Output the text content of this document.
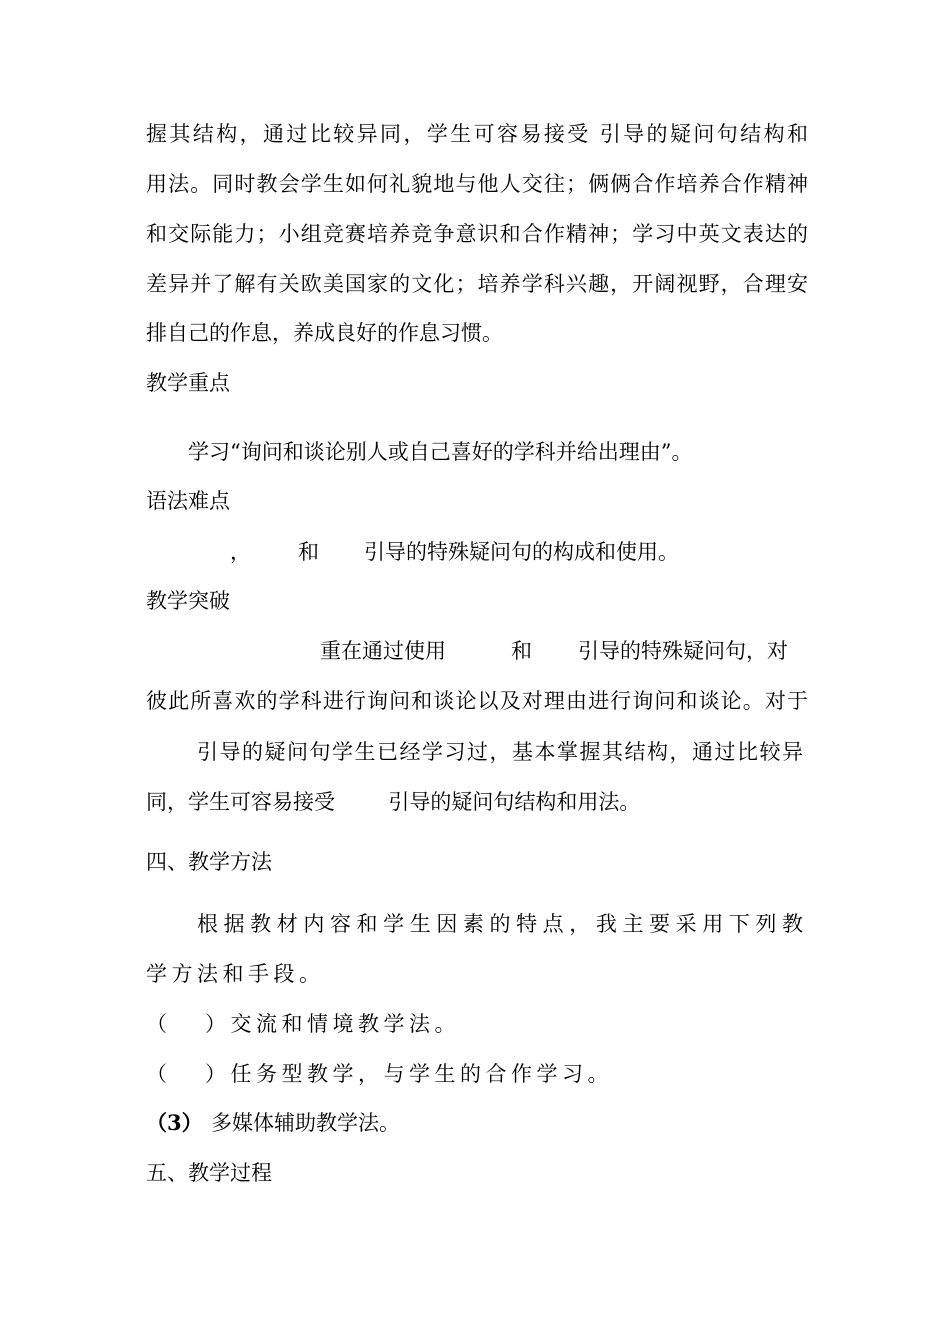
握其结构，通过比较异同，学生可容易接受 引导的疑问句结构和
用法。同时教会学生如何礼貌地与他人交往；俩俩合作培养合作精神
和交际能力；小组竞赛培养竞争意识和合作精神；学习中英文表达的
差异并了解有关欧美国家的文化；培养学科兴趣，开阔视野，合理安
排自己的作息，养成良好的作息习惯。
教学重点
学习“询问和谈论别人或自己喜好的学科并给出理由”。
语法难点
， 和 引导的特殊疑问句的构成和使用。
教学突破
重在通过使用	和 引导的特殊疑问句，对
彼此所喜欢的学科进行询问和谈论以及对理由进行询问和谈论。对于
引导的疑问句学生已经学习过，基本掌握其结构，通过比较异
同，学生可容易接受        引导的疑问句结构和用法。
四、教学方法
根据教材内容和学生因素的特点，我主要采用下列教
学方法和手段。
（   ）交流和情境教学法。
（   ）任务型教学，与学生的合作学习。
（3） 多媒体辅助教学法。
五、教学过程
